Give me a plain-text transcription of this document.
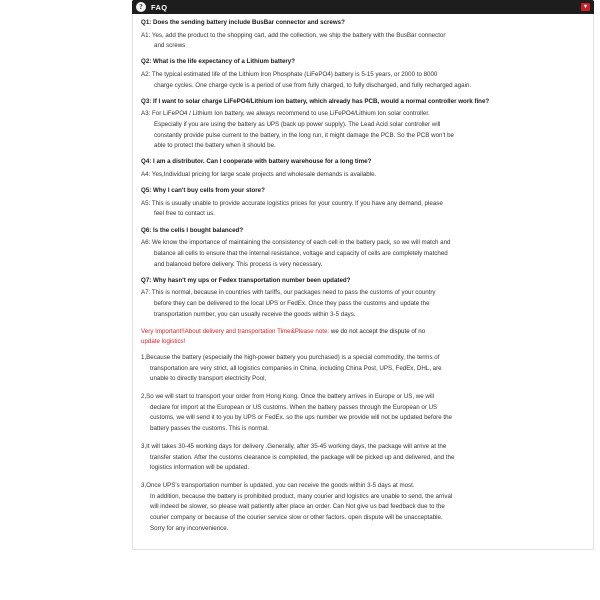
?	FAQ	▼
Q1: Does the sending battery include BusBar connector and screws?
A1: Yes, add the product to the shopping cart, add the collection, we ship the battery with the BusBar connector
and screws
Q2: What is the life expectancy of a Lithium battery?
A2: The typical estimated life of the Lithium Iron Phosphate (LiFePO4) battery is 5-15 years, or 2000 to 8000
charge cycles. One charge cycle is a period of use from fully charged, to fully discharged, and fully recharged again.
Q3: If I want to solar charge LiFePO4/Lithium ion battery, which already has PCB, would a normal controller work fine?
A3: For LiFePO4 / Lithium Ion battery, we always recommend to use LiFePO4/Lithium Ion solar controller.
Especially if you are using the battery as UPS (back up power supply). The Lead Acid solar controller will
constantly provide pulse current to the battery, in the long run, it might damage the PCB. So the PCB won't be
able to protect the battery when it should be.
Q4: I am a distributor. Can I cooperate with battery warehouse for a long time?
A4: Yes,Individual pricing for large scale projects and wholesale demands is available.
Q5: Why I can't buy cells from your store?
A5: This is usually unable to provide accurate logistics prices for your country. If you have any demand, please
feel free to contact us.
Q6: Is the cells I bought balanced?
A6: We know the importance of maintaining the consistency of each cell in the battery pack, so we will match and
balance all cells to ensure that the internal resistance, voltage and capacity of cells are completely matched
and balanced before delivery. This process is very necessary.
Q7: Why hasn't my ups or Fedex transportation number been updated?
A7: This is normal, because in countries with tariffs, our packages need to pass the customs of your country
before they can be delivered to the local UPS or FedEx. Once they pass the customs and update the
transportation number, you can usually receive the goods within 3-5 days.
Very Important!!About delivery and transportation Time&Please note: we do not accept the dispute of no
update logistics!
1,Because the battery (especially the high-power battery you purchased) is a special commodity, the terms of
transportation are very strict, all logistics companies in China, including China Post, UPS, FedEx, DHL, are
unable to directly transport electricity Pool,
2,So we will start to transport your order from Hong Kong. Once the battery arrives in Europe or US, we will
declare for import at the European or US customs. When the battery passes through the European or US
customs, we will send it to you by UPS or FedEx. so the ups number we provide will not be updated before the
battery passes the customs. This is normal.
3,It will takes 30-45 working days for delivery .Generally, after 35-45 working days, the package will arrive at the
transfer station. After the customs clearance is completed, the package will be picked up and delivered, and the
logistics information will be updated.
3,Once UPS's transportation number is updated, you can receive the goods within 3-5 days at most.
In addition, because the battery is prohibited product, many courier and logistics are unable to send, the arrival
will indeed be slower, so please wait patiently after place an order. Can Not give us bad feedback due to the
courier company or because of the courier service slow or other factors. open dispute will be unacceptable.
Sorry for any inconvenience.
